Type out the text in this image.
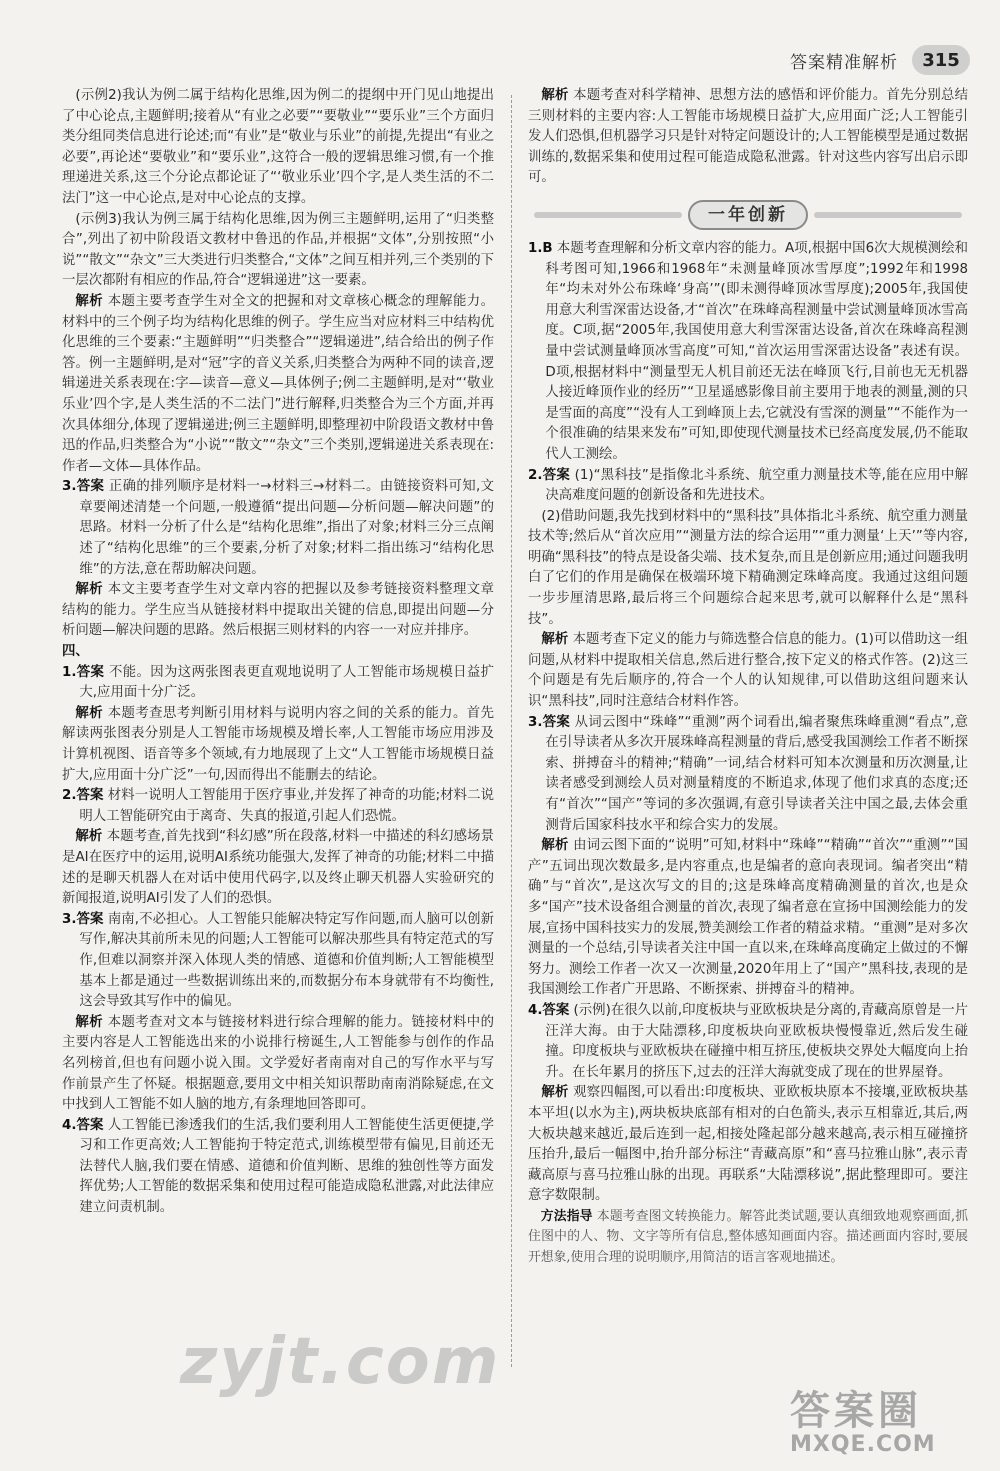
答案精准解析	315

(示例2)我认为例二属于结构化思维,因为例二的提纲中开门见山地提出了中心论点,主题鲜明;接着从“有业之必要”“要敬业”“要乐业”三个方面归类分组同类信息进行论述;而“有业”是“敬业与乐业”的前提,先提出“有业之必要”,再论述“要敬业”和“要乐业”,这符合一般的逻辑思维习惯,有一个推理递进关系,这三个分论点都论证了“‘敬业乐业’四个字,是人类生活的不二法门”这一中心论点,是对中心论点的支撑。

(示例3)我认为例三属于结构化思维,因为例三主题鲜明,运用了“归类整合”,列出了初中阶段语文教材中鲁迅的作品,并根据“文体”,分别按照“小说”“散文”“杂文”三大类进行归类整合,“文体”之间互相并列,三个类别的下一层次都附有相应的作品,符合“逻辑递进”这一要素。

解析 本题主要考查学生对全文的把握和对文章核心概念的理解能力。材料中的三个例子均为结构化思维的例子。学生应当对应材料三中结构优化思维的三个要素:“主题鲜明”“归类整合”“逻辑递进”,结合给出的例子作答。例一主题鲜明,是对“冠”字的音义关系,归类整合为两种不同的读音,逻辑递进关系表现在:字—读音—意义—具体例子;例二主题鲜明,是对“‘敬业乐业’四个字,是人类生活的不二法门”进行解释,归类整合为三个方面,并再次具体细分,体现了逻辑递进;例三主题鲜明,即整理初中阶段语文教材中鲁迅的作品,归类整合为“小说”“散文”“杂文”三个类别,逻辑递进关系表现在:作者—文体—具体作品。

3.答案 正确的排列顺序是材料一→材料三→材料二。由链接资料可知,文章要阐述清楚一个问题,一般遵循“提出问题—分析问题—解决问题”的思路。材料一分析了什么是“结构化思维”,指出了对象;材料三分三点阐述了“结构化思维”的三个要素,分析了对象;材料二指出练习“结构化思维”的方法,意在帮助解决问题。

解析 本文主要考查学生对文章内容的把握以及参考链接资料整理文章结构的能力。学生应当从链接材料中提取出关键的信息,即提出问题—分析问题—解决问题的思路。然后根据三则材料的内容一一对应并排序。

四、

1.答案 不能。因为这两张图表更直观地说明了人工智能市场规模日益扩大,应用面十分广泛。

解析 本题考查思考判断引用材料与说明内容之间的关系的能力。首先解读两张图表分别是人工智能市场规模及增长率,人工智能市场应用涉及计算机视图、语音等多个领域,有力地展现了上文“人工智能市场规模日益扩大,应用面十分广泛”一句,因而得出不能删去的结论。

2.答案 材料一说明人工智能用于医疗事业,并发挥了神奇的功能;材料二说明人工智能研究由于离奇、失真的报道,引起人们恐慌。

解析 本题考查,首先找到“科幻感”所在段落,材料一中描述的科幻感场景是AI在医疗中的运用,说明AI系统功能强大,发挥了神奇的功能;材料二中描述的是聊天机器人在对话中使用代码字,以及终止聊天机器人实验研究的新闻报道,说明AI引发了人们的恐惧。

3.答案 南南,不必担心。人工智能只能解决特定写作问题,而人脑可以创新写作,解决其前所未见的问题;人工智能可以解决那些具有特定范式的写作,但难以洞察并深入体现人类的情感、道德和价值判断;人工智能模型基本上都是通过一些数据训练出来的,而数据分布本身就带有不均衡性,这会导致其写作中的偏见。

解析 本题考查对文本与链接材料进行综合理解的能力。链接材料中的主要内容是人工智能选出来的小说排行榜诞生,人工智能参与创作的作品名列榜首,但也有问题小说入围。文学爱好者南南对自己的写作水平与写作前景产生了怀疑。根据题意,要用文中相关知识帮助南南消除疑虑,在文中找到人工智能不如人脑的地方,有条理地回答即可。

4.答案 人工智能已渗透我们的生活,我们要利用人工智能使生活更便捷,学习和工作更高效;人工智能拘于特定范式,训练模型带有偏见,目前还无法替代人脑,我们要在情感、道德和价值判断、思维的独创性等方面发挥优势;人工智能的数据采集和使用过程可能造成隐私泄露,对此法律应建立问责机制。

解析 本题考查对科学精神、思想方法的感悟和评价能力。首先分别总结三则材料的主要内容:人工智能市场规模日益扩大,应用面广泛;人工智能引发人们恐惧,但机器学习只是针对特定问题设计的;人工智能模型是通过数据训练的,数据采集和使用过程可能造成隐私泄露。针对这些内容写出启示即可。

一年创新

1.B 本题考查理解和分析文章内容的能力。A项,根据中国6次大规模测绘和科考图可知,1966和1968年“未测量峰顶冰雪厚度”;1992年和1998年“均未对外公布珠峰‘身高’”(即未测得峰顶冰雪厚度);2005年,我国使用意大利雪深雷达设备,才“首次”在珠峰高程测量中尝试测量峰顶冰雪高度。C项,据“2005年,我国使用意大利雪深雷达设备,首次在珠峰高程测量中尝试测量峰顶冰雪高度”可知,“首次运用雪深雷达设备”表述有误。D项,根据材料中“测量型无人机目前还无法在峰顶飞行,目前也无无机器人接近峰顶作业的经历”“卫星遥感影像目前主要用于地表的测量,测的只是雪面的高度”“没有人工到峰顶上去,它就没有雪深的测量”“不能作为一个很准确的结果来发布”可知,即使现代测量技术已经高度发展,仍不能取代人工测绘。

2.答案 (1)“黑科技”是指像北斗系统、航空重力测量技术等,能在应用中解决高难度问题的创新设备和先进技术。

(2)借助问题,我先找到材料中的“黑科技”具体指北斗系统、航空重力测量技术等;然后从“首次应用”“测量方法的综合运用”“重力测量‘上天’”等内容,明确“黑科技”的特点是设备尖端、技术复杂,而且是创新应用;通过问题我明白了它们的作用是确保在极端环境下精确测定珠峰高度。我通过这组问题一步步厘清思路,最后将三个问题综合起来思考,就可以解释什么是“黑科技”。

解析 本题考查下定义的能力与筛选整合信息的能力。(1)可以借助这一组问题,从材料中提取相关信息,然后进行整合,按下定义的格式作答。(2)这三个问题是有先后顺序的,符合一个人的认知规律,可以借助这组问题来认识“黑科技”,同时注意结合材料作答。

3.答案 从词云图中“珠峰”“重测”两个词看出,编者聚焦珠峰重测“看点”,意在引导读者从多次开展珠峰高程测量的背后,感受我国测绘工作者不断探索、拼搏奋斗的精神;“精确”一词,结合材料可知本次测量和历次测量,让读者感受到测绘人员对测量精度的不断追求,体现了他们求真的态度;还有“首次”“国产”等词的多次强调,有意引导读者关注中国之最,去体会重测背后国家科技水平和综合实力的发展。

解析 由词云图下面的“说明”可知,材料中“珠峰”“精确”“首次”“重测”“国产”五词出现次数最多,是内容重点,也是编者的意向表现词。编者突出“精确”与“首次”,是这次写文的目的;这是珠峰高度精确测量的首次,也是众多“国产”技术设备组合测量的首次,表现了编者意在宣扬中国测绘能力的发展,宣扬中国科技实力的发展,赞美测绘工作者的精益求精。“重测”是对多次测量的一个总结,引导读者关注中国一直以来,在珠峰高度确定上做过的不懈努力。测绘工作者一次又一次测量,2020年用上了“国产”黑科技,表现的是我国测绘工作者广开思路、不断探索、拼搏奋斗的精神。

4.答案 (示例)在很久以前,印度板块与亚欧板块是分离的,青藏高原曾是一片汪洋大海。由于大陆漂移,印度板块向亚欧板块慢慢靠近,然后发生碰撞。印度板块与亚欧板块在碰撞中相互挤压,使板块交界处大幅度向上抬升。在长年累月的挤压下,过去的汪洋大海就变成了现在的世界屋脊。

解析 观察四幅图,可以看出:印度板块、亚欧板块原本不接壤,亚欧板块基本平坦(以水为主),两块板块底部有相对的白色箭头,表示互相靠近,其后,两大板块越来越近,最后连到一起,相接处隆起部分越来越高,表示相互碰撞挤压抬升,最后一幅图中,抬升部分标注“青藏高原”和“喜马拉雅山脉”,表示青藏高原与喜马拉雅山脉的出现。再联系“大陆漂移说”,据此整理即可。要注意字数限制。

方法指导 本题考查图文转换能力。解答此类试题,要认真细致地观察画面,抓住图中的人、物、文字等所有信息,整体感知画面内容。描述画面内容时,要展开想象,使用合理的说明顺序,用简洁的语言客观地描述。

zyjt.com
答案圈
MXQE.COM
